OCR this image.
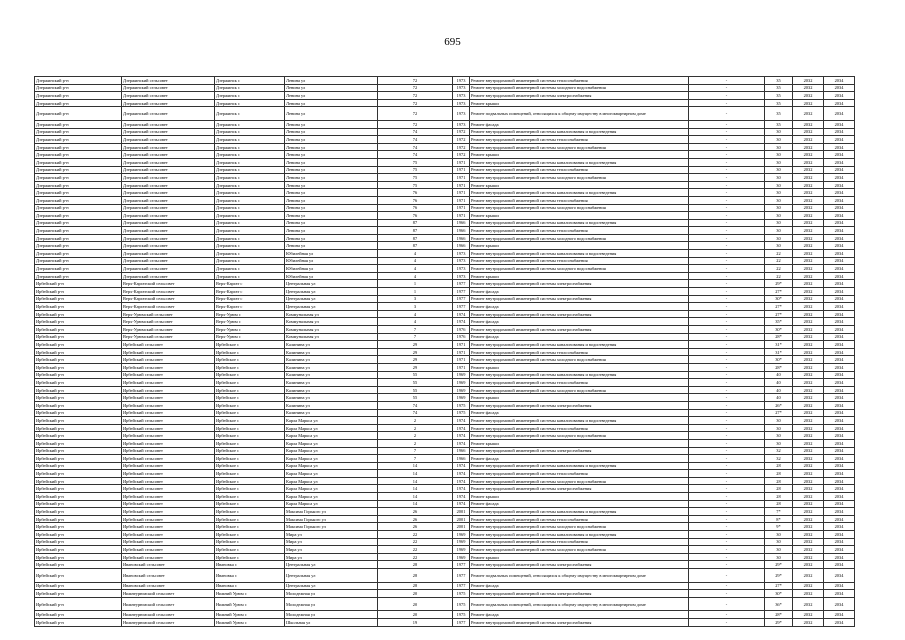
695
Дзержинский р-н	Дзержинский сельсовет	Дзержинск с	Ленина ул	72	1973	Ремонт внутридомовой инженерной системы теплоснабжения	-	35	2032	2034
Дзержинский р-н	Дзержинский сельсовет	Дзержинск с	Ленина ул	72	1973	Ремонт внутридомовой инженерной системы холодного водоснабжения	-	35	2032	2034
Дзержинский р-н	Дзержинский сельсовет	Дзержинск с	Ленина ул	72	1973	Ремонт внутридомовой инженерной системы электроснабжения	-	35	2032	2034
Дзержинский р-н	Дзержинский сельсовет	Дзержинск с	Ленина ул	72	1973	Ремонт крыши	-	35	2032	2034
Дзержинский р-н	Дзержинский сельсовет	Дзержинск с	Ленина ул	72	1973	Ремонт подвальных помещений, относящихся к общему имуществу в многоквартирном доме	-	35	2032	2034
Дзержинский р-н	Дзержинский сельсовет	Дзержинск с	Ленина ул	72	1973	Ремонт фасада	-	35	2032	2034
Дзержинский р-н	Дзержинский сельсовет	Дзержинск с	Ленина ул	74	1972	Ремонт внутридомовой инженерной системы канализования и водоотведения	-	30	2032	2034
Дзержинский р-н	Дзержинский сельсовет	Дзержинск с	Ленина ул	74	1972	Ремонт внутридомовой инженерной системы теплоснабжения	-	30	2032	2034
Дзержинский р-н	Дзержинский сельсовет	Дзержинск с	Ленина ул	74	1972	Ремонт внутридомовой инженерной системы холодного водоснабжения	-	30	2032	2034
Дзержинский р-н	Дзержинский сельсовет	Дзержинск с	Ленина ул	74	1972	Ремонт крыши	-	30	2032	2034
Дзержинский р-н	Дзержинский сельсовет	Дзержинск с	Ленина ул	75	1971	Ремонт внутридомовой инженерной системы канализования и водоотведения	-	30	2032	2034
Дзержинский р-н	Дзержинский сельсовет	Дзержинск с	Ленина ул	75	1971	Ремонт внутридомовой инженерной системы теплоснабжения	-	30	2032	2034
Дзержинский р-н	Дзержинский сельсовет	Дзержинск с	Ленина ул	75	1971	Ремонт внутридомовой инженерной системы холодного водоснабжения	-	30	2032	2034
Дзержинский р-н	Дзержинский сельсовет	Дзержинск с	Ленина ул	75	1971	Ремонт крыши	-	30	2032	2034
Дзержинский р-н	Дзержинский сельсовет	Дзержинск с	Ленина ул	76	1971	Ремонт внутридомовой инженерной системы канализования и водоотведения	-	30	2032	2034
Дзержинский р-н	Дзержинский сельсовет	Дзержинск с	Ленина ул	76	1971	Ремонт внутридомовой инженерной системы теплоснабжения	-	30	2032	2034
Дзержинский р-н	Дзержинский сельсовет	Дзержинск с	Ленина ул	76	1971	Ремонт внутридомовой инженерной системы холодного водоснабжения	-	30	2032	2034
Дзержинский р-н	Дзержинский сельсовет	Дзержинск с	Ленина ул	76	1971	Ремонт крыши	-	30	2032	2034
Дзержинский р-н	Дзержинский сельсовет	Дзержинск с	Ленина ул	87	1966	Ремонт внутридомовой инженерной системы канализования и водоотведения	-	30	2032	2034
Дзержинский р-н	Дзержинский сельсовет	Дзержинск с	Ленина ул	87	1966	Ремонт внутридомовой инженерной системы теплоснабжения	-	30	2032	2034
Дзержинский р-н	Дзержинский сельсовет	Дзержинск с	Ленина ул	87	1966	Ремонт внутридомовой инженерной системы холодного водоснабжения	-	30	2032	2034
Дзержинский р-н	Дзержинский сельсовет	Дзержинск с	Ленина ул	87	1966	Ремонт крыши	-	30	2032	2034
Дзержинский р-н	Дзержинский сельсовет	Дзержинск с	Юбилейная ул	4	1973	Ремонт внутридомовой инженерной системы канализования и водоотведения	-	22	2032	2034
Дзержинский р-н	Дзержинский сельсовет	Дзержинск с	Юбилейная ул	4	1973	Ремонт внутридомовой инженерной системы теплоснабжения	-	22	2032	2034
Дзержинский р-н	Дзержинский сельсовет	Дзержинск с	Юбилейная ул	4	1973	Ремонт внутридомовой инженерной системы холодного водоснабжения	-	22	2032	2034
Дзержинский р-н	Дзержинский сельсовет	Дзержинск с	Юбилейная ул	4	1973	Ремонт крыши	-	22	2032	2034
Ирбейский р-н	Верх-Каргатский сельсовет	Верх-Каргат с	Центральная ул	1	1977	Ремонт внутридомовой инженерной системы электроснабжения	-	29*	2032	2034
Ирбейский р-н	Верх-Каргатский сельсовет	Верх-Каргат с	Центральная ул	1	1977	Ремонт фасада	-	27*	2032	2034
Ирбейский р-н	Верх-Каргатский сельсовет	Верх-Каргат с	Центральная ул	3	1977	Ремонт внутридомовой инженерной системы электроснабжения	-	30*	2032	2034
Ирбейский р-н	Верх-Каргатский сельсовет	Верх-Каргат с	Центральная ул	3	1977	Ремонт фасада	-	27*	2032	2034
Ирбейский р-н	Верх-Урюмский сельсовет	Верх-Урюм с	Коммунальная ул	4	1974	Ремонт внутридомовой инженерной системы электроснабжения	-	27*	2032	2034
Ирбейский р-н	Верх-Урюмский сельсовет	Верх-Урюм с	Коммунальная ул	4	1974	Ремонт фасада	-	35*	2032	2034
Ирбейский р-н	Верх-Урюмский сельсовет	Верх-Урюм с	Коммунальная ул	7	1976	Ремонт внутридомовой инженерной системы электроснабжения	-	30*	2032	2034
Ирбейский р-н	Верх-Урюмский сельсовет	Верх-Урюм с	Коммунальная ул	7	1976	Ремонт фасада	-	28*	2032	2034
Ирбейский р-н	Ирбейский сельсовет	Ирбейское с	Калинина ул	29	1971	Ремонт внутридомовой инженерной системы канализования и водоотведения	-	31*	2032	2034
Ирбейский р-н	Ирбейский сельсовет	Ирбейское с	Калинина ул	29	1971	Ремонт внутридомовой инженерной системы теплоснабжения	-	31*	2032	2034
Ирбейский р-н	Ирбейский сельсовет	Ирбейское с	Калинина ул	29	1971	Ремонт внутридомовой инженерной системы холодного водоснабжения	-	30*	2032	2034
Ирбейский р-н	Ирбейский сельсовет	Ирбейское с	Калинина ул	29	1971	Ремонт крыши	-	28*	2032	2034
Ирбейский р-н	Ирбейский сельсовет	Ирбейское с	Калинина ул	55	1969	Ремонт внутридомовой инженерной системы канализования и водоотведения	-	40	2032	2034
Ирбейский р-н	Ирбейский сельсовет	Ирбейское с	Калинина ул	55	1969	Ремонт внутридомовой инженерной системы теплоснабжения	-	40	2032	2034
Ирбейский р-н	Ирбейский сельсовет	Ирбейское с	Калинина ул	55	1969	Ремонт внутридомовой инженерной системы холодного водоснабжения	-	40	2032	2034
Ирбейский р-н	Ирбейский сельсовет	Ирбейское с	Калинина ул	55	1969	Ремонт крыши	-	40	2032	2034
Ирбейский р-н	Ирбейский сельсовет	Ирбейское с	Калинина ул	74	1975	Ремонт внутридомовой инженерной системы электроснабжения	-	26*	2032	2034
Ирбейский р-н	Ирбейский сельсовет	Ирбейское с	Калинина ул	74	1975	Ремонт фасада	-	27*	2032	2034
Ирбейский р-н	Ирбейский сельсовет	Ирбейское с	Карла Маркса ул	2	1974	Ремонт внутридомовой инженерной системы канализования и водоотведения	-	30	2032	2034
Ирбейский р-н	Ирбейский сельсовет	Ирбейское с	Карла Маркса ул	2	1974	Ремонт внутридомовой инженерной системы теплоснабжения	-	30	2032	2034
Ирбейский р-н	Ирбейский сельсовет	Ирбейское с	Карла Маркса ул	2	1974	Ремонт внутридомовой инженерной системы холодного водоснабжения	-	30	2032	2034
Ирбейский р-н	Ирбейский сельсовет	Ирбейское с	Карла Маркса ул	2	1974	Ремонт крыши	-	30	2032	2034
Ирбейский р-н	Ирбейский сельсовет	Ирбейское с	Карла Маркса ул	7	1966	Ремонт внутридомовой инженерной системы электроснабжения	-	32	2032	2034
Ирбейский р-н	Ирбейский сельсовет	Ирбейское с	Карла Маркса ул	7	1966	Ремонт фасада	-	32	2032	2034
Ирбейский р-н	Ирбейский сельсовет	Ирбейское с	Карла Маркса ул	14	1974	Ремонт внутридомовой инженерной системы канализования и водоотведения	-	28	2032	2034
Ирбейский р-н	Ирбейский сельсовет	Ирбейское с	Карла Маркса ул	14	1974	Ремонт внутридомовой инженерной системы теплоснабжения	-	28	2032	2034
Ирбейский р-н	Ирбейский сельсовет	Ирбейское с	Карла Маркса ул	14	1974	Ремонт внутридомовой инженерной системы холодного водоснабжения	-	28	2032	2034
Ирбейский р-н	Ирбейский сельсовет	Ирбейское с	Карла Маркса ул	14	1974	Ремонт внутридомовой инженерной системы электроснабжения	-	28	2032	2034
Ирбейский р-н	Ирбейский сельсовет	Ирбейское с	Карла Маркса ул	14	1974	Ремонт крыши	-	28	2032	2034
Ирбейский р-н	Ирбейский сельсовет	Ирбейское с	Карла Маркса ул	14	1974	Ремонт фасада	-	28	2032	2034
Ирбейский р-н	Ирбейский сельсовет	Ирбейское с	Максима Горького ул	26	2001	Ремонт внутридомовой инженерной системы канализования и водоотведения	-	7*	2032	2034
Ирбейский р-н	Ирбейский сельсовет	Ирбейское с	Максима Горького ул	26	2001	Ремонт внутридомовой инженерной системы теплоснабжения	-	8*	2032	2034
Ирбейский р-н	Ирбейский сельсовет	Ирбейское с	Максима Горького ул	26	2001	Ремонт внутридомовой инженерной системы холодного водоснабжения	-	9*	2032	2034
Ирбейский р-н	Ирбейский сельсовет	Ирбейское с	Мира ул	22	1969	Ремонт внутридомовой инженерной системы канализования и водоотведения	-	30	2032	2034
Ирбейский р-н	Ирбейский сельсовет	Ирбейское с	Мира ул	22	1969	Ремонт внутридомовой инженерной системы теплоснабжения	-	30	2032	2034
Ирбейский р-н	Ирбейский сельсовет	Ирбейское с	Мира ул	22	1969	Ремонт внутридомовой инженерной системы холодного водоснабжения	-	30	2032	2034
Ирбейский р-н	Ирбейский сельсовет	Ирбейское с	Мира ул	22	1969	Ремонт крыши	-	30	2032	2034
Ирбейский р-н	Ивановский сельсовет	Ивановка с	Центральная ул	28	1977	Ремонт внутридомовой инженерной системы электроснабжения	-	29*	2032	2034
Ирбейский р-н	Ивановский сельсовет	Ивановка с	Центральная ул	28	1977	Ремонт подвальных помещений, относящихся к общему имуществу в многоквартирном доме	-	29*	2032	2034
Ирбейский р-н	Ивановский сельсовет	Ивановка с	Центральная ул	28	1977	Ремонт фасада	-	27*	2032	2034
Ирбейский р-н	Нижнеурюмский сельсовет	Нижний Урюм с	Молодежная ул	20	1975	Ремонт внутридомовой инженерной системы электроснабжения	-	30*	2032	2034
Ирбейский р-н	Нижнеурюмский сельсовет	Нижний Урюм с	Молодежная ул	20	1975	Ремонт подвальных помещений, относящихся к общему имуществу в многоквартирном доме	-	36*	2032	2034
Ирбейский р-н	Нижнеурюмский сельсовет	Нижний Урюм с	Молодежная ул	20	1975	Ремонт фасада	-	28*	2032	2034
Ирбейский р-н	Нижнеурюмский сельсовет	Нижний Урюм с	Школьная ул	19	1977	Ремонт внутридомовой инженерной системы электроснабжения	-	29*	2032	2034
